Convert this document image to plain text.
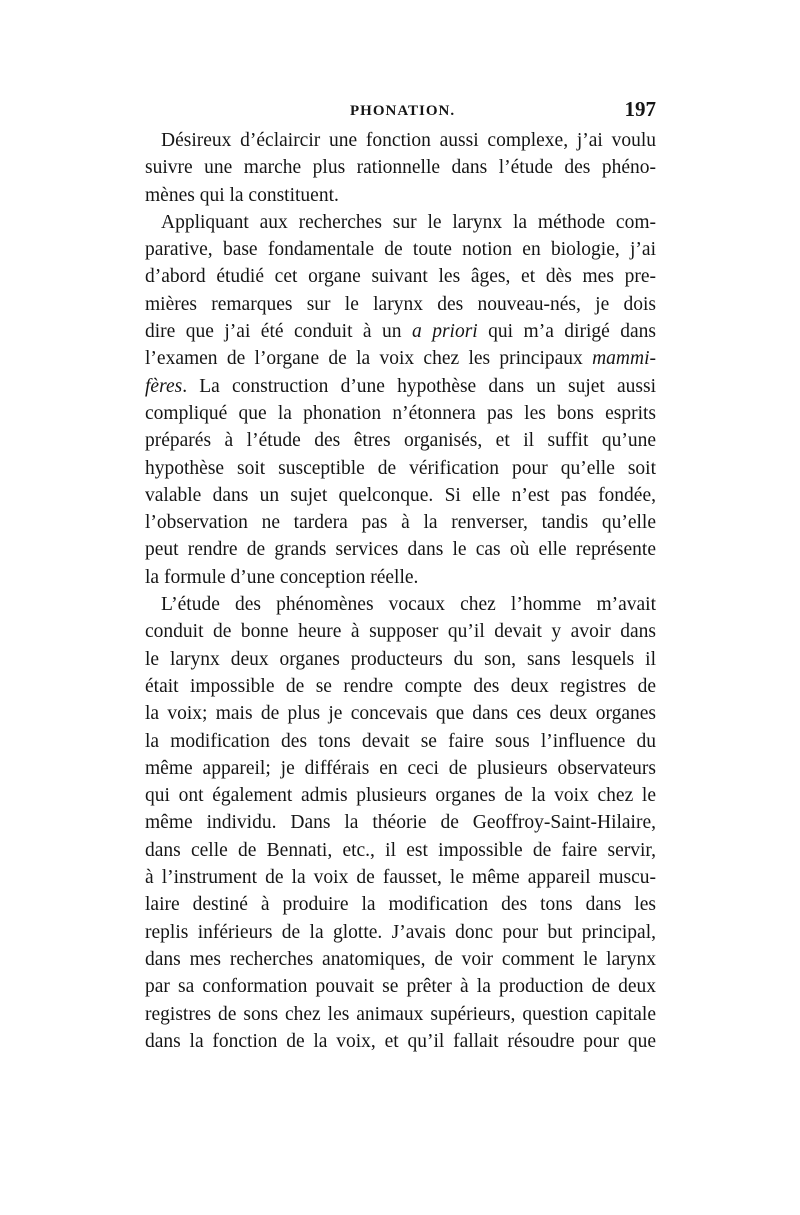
PHONATION.	197
Désireux d’éclaircir une fonction aussi complexe, j’ai voulu
suivre une marche plus rationnelle dans l’étude des phéno-
mènes qui la constituent.
Appliquant aux recherches sur le larynx la méthode com-
parative, base fondamentale de toute notion en biologie, j’ai
d’abord étudié cet organe suivant les âges, et dès mes pre-
mières remarques sur le larynx des nouveau-nés, je dois
dire que j’ai été conduit à un a priori qui m’a dirigé dans
l’examen de l’organe de la voix chez les principaux mammi-
fères. La construction d’une hypothèse dans un sujet aussi
compliqué que la phonation n’étonnera pas les bons esprits
préparés à l’étude des êtres organisés, et il suffit qu’une
hypothèse soit susceptible de vérification pour qu’elle soit
valable dans un sujet quelconque. Si elle n’est pas fondée,
l’observation ne tardera pas à la renverser, tandis qu’elle
peut rendre de grands services dans le cas où elle représente
la formule d’une conception réelle.
L’étude des phénomènes vocaux chez l’homme m’avait
conduit de bonne heure à supposer qu’il devait y avoir dans
le larynx deux organes producteurs du son, sans lesquels il
était impossible de se rendre compte des deux registres de
la voix; mais de plus je concevais que dans ces deux organes
la modification des tons devait se faire sous l’influence du
même appareil; je différais en ceci de plusieurs observateurs
qui ont également admis plusieurs organes de la voix chez le
même individu. Dans la théorie de Geoffroy-Saint-Hilaire,
dans celle de Bennati, etc., il est impossible de faire servir,
à l’instrument de la voix de fausset, le même appareil muscu-
laire destiné à produire la modification des tons dans les
replis inférieurs de la glotte. J’avais donc pour but principal,
dans mes recherches anatomiques, de voir comment le larynx
par sa conformation pouvait se prêter à la production de deux
registres de sons chez les animaux supérieurs, question capitale
dans la fonction de la voix, et qu’il fallait résoudre pour que
